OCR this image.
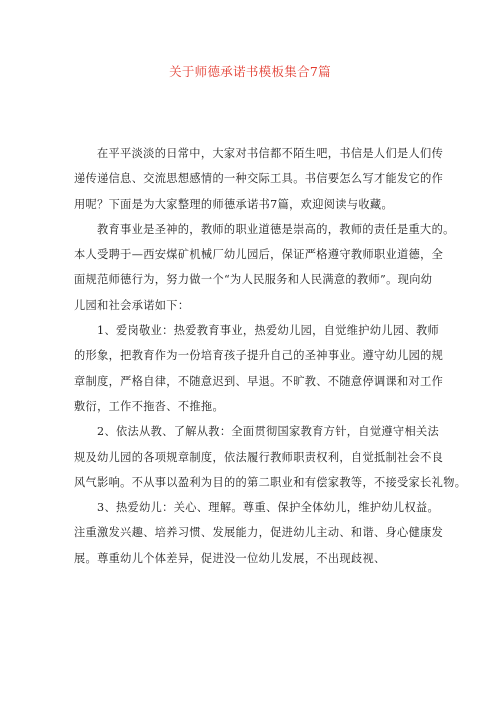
关于师德承诺书模板集合7篇
在平平淡淡的日常中，大家对书信都不陌生吧，书信是人们是人们传
递传递信息、交流思想感情的一种交际工具。书信要怎么写才能发它的作
用呢？下面是为大家整理的师德承诺书7篇，欢迎阅读与收藏。
教育事业是圣神的，教师的职业道德是崇高的，教师的责任是重大的。
本人受聘于—西安煤矿机械厂幼儿园后，保证严格遵守教师职业道德，全
面规范师德行为，努力做一个“为人民服务和人民满意的教师”。现向幼
儿园和社会承诺如下：
1、爱岗敬业：热爱教育事业，热爱幼儿园，自觉维护幼儿园、教师
的形象，把教育作为一份培育孩子提升自己的圣神事业。遵守幼儿园的规
章制度，严格自律，不随意迟到、早退。不旷教、不随意停调课和对工作
敷衍，工作不拖沓、不推拖。
2、依法从教、了解从教：全面贯彻国家教育方针，自觉遵守相关法
规及幼儿园的各项规章制度，依法履行教师职责权利，自觉抵制社会不良
风气影响。不从事以盈利为目的的第二职业和有偿家教等，不接受家长礼物。
3、热爱幼儿：关心、理解。尊重、保护全体幼儿，维护幼儿权益。
注重激发兴趣、培养习惯、发展能力，促进幼儿主动、和谐、身心健康发
展。尊重幼儿个体差异，促进没一位幼儿发展，不出现歧视、
